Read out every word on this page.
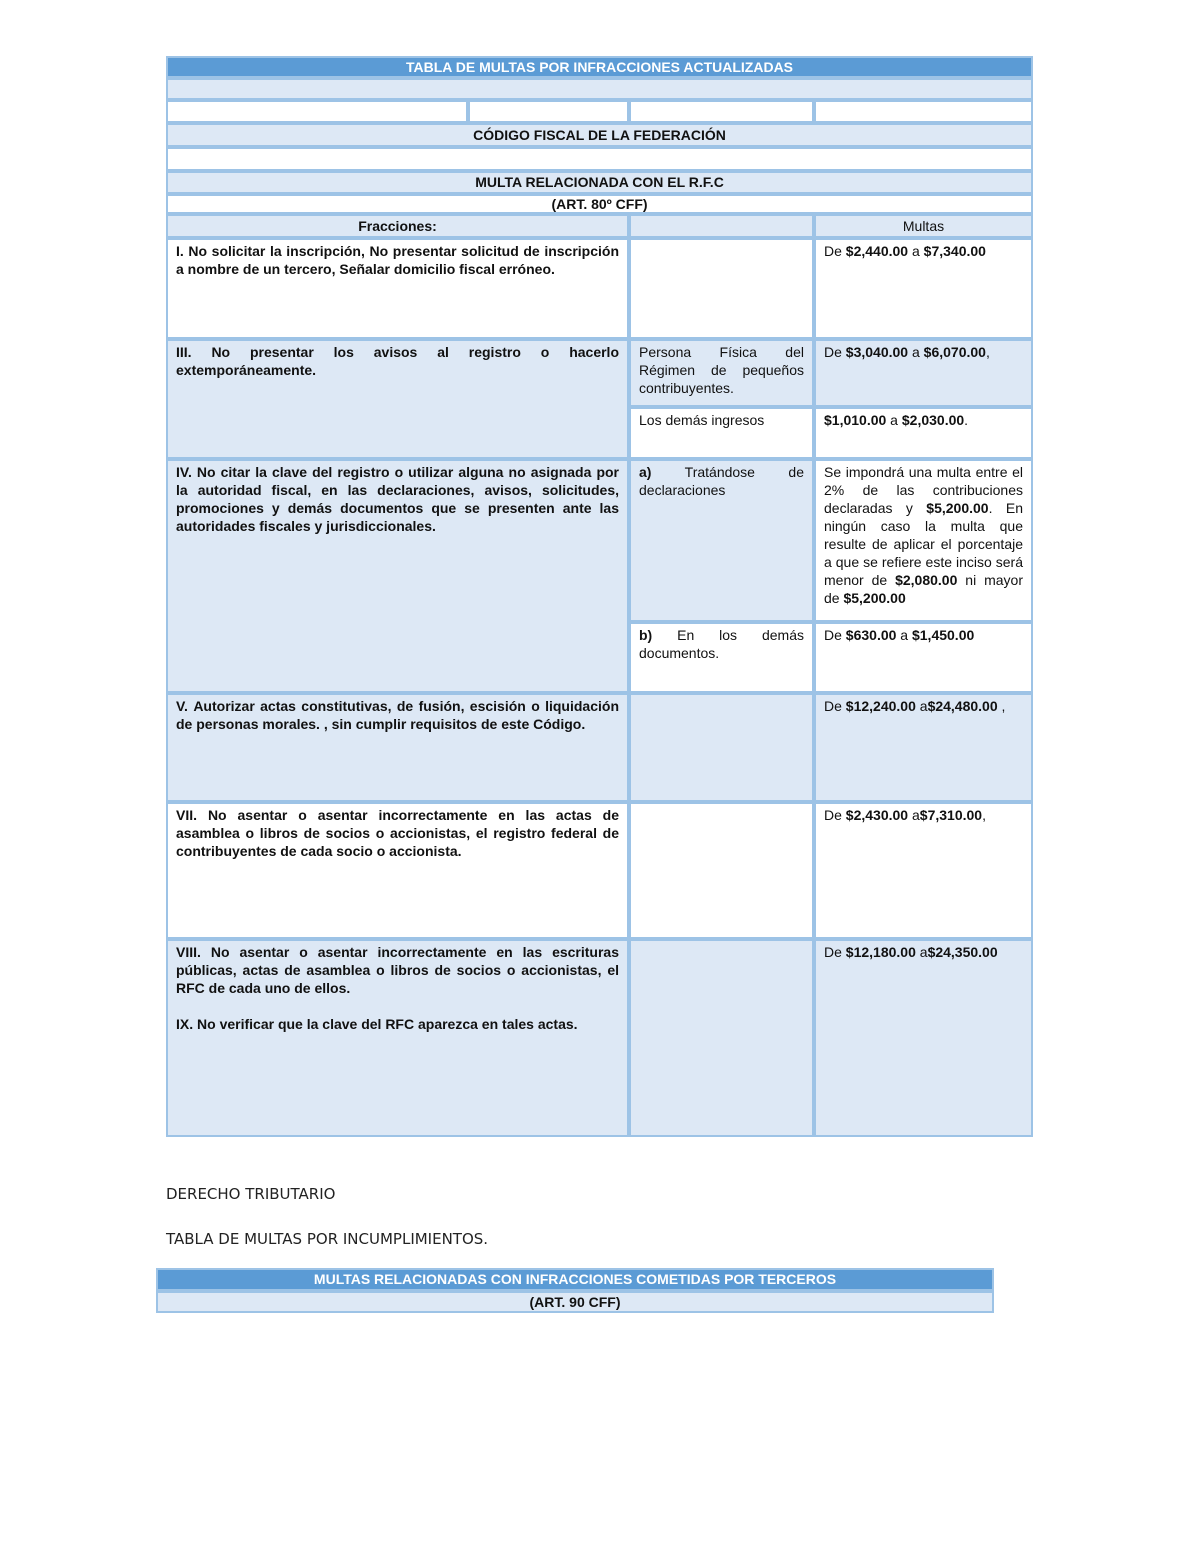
TABLA DE MULTAS POR INFRACCIONES ACTUALIZADAS
CÓDIGO FISCAL DE LA FEDERACIÓN
MULTA RELACIONADA CON EL R.F.C
(ART. 80º CFF)
Fracciones:	Multas
I. No solicitar la inscripción, No presentar solicitud de inscripción a nombre de un tercero, Señalar domicilio fiscal erróneo.
De $2,440.00 a $7,340.00
III. No presentar los avisos al registro o hacerlo extemporáneamente.
Persona Física del Régimen de pequeños contribuyentes.
De $3,040.00 a $6,070.00,
Los demás ingresos	$1,010.00 a $2,030.00.
IV. No citar la clave del registro o utilizar alguna no asignada por la autoridad fiscal, en las declaraciones, avisos, solicitudes, promociones y demás documentos que se presenten ante las autoridades fiscales y jurisdiccionales.
a) Tratándose de declaraciones
Se impondrá una multa entre el 2% de las contribuciones declaradas y $5,200.00. En ningún caso la multa que resulte de aplicar el porcentaje a que se refiere este inciso será menor de $2,080.00 ni mayor de $5,200.00
b) En los demás documentos.
De $630.00 a $1,450.00
V. Autorizar actas constitutivas, de fusión, escisión o liquidación de personas morales. , sin cumplir requisitos de este Código.
De $12,240.00 a$24,480.00 ,
VII. No asentar o asentar incorrectamente en las actas de asamblea o libros de socios o accionistas, el registro federal de contribuyentes de cada socio o accionista.
De $2,430.00 a$7,310.00,
VIII. No asentar o asentar incorrectamente en las escrituras públicas, actas de asamblea o libros de socios o accionistas, el RFC de cada uno de ellos.
IX. No verificar que la clave del RFC aparezca en tales actas.
De $12,180.00 a$24,350.00
DERECHO TRIBUTARIO
TABLA DE MULTAS POR INCUMPLIMIENTOS.
MULTAS RELACIONADAS CON INFRACCIONES COMETIDAS POR TERCEROS
(ART. 90 CFF)
